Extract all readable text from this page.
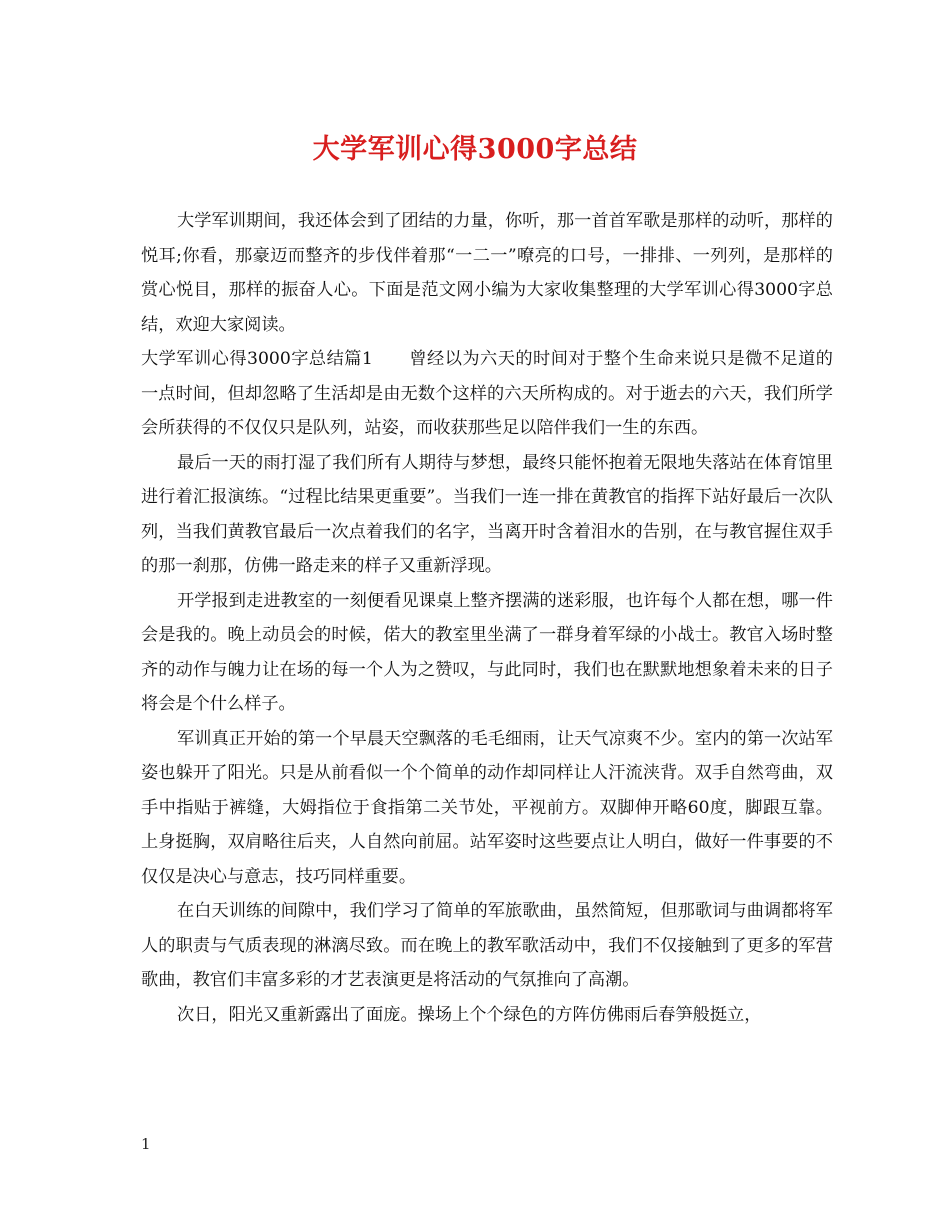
大学军训心得3000字总结

大学军训期间，我还体会到了团结的力量，你听，那一首首军歌是那样的动听，那样的悦耳;你看，那豪迈而整齐的步伐伴着那“一二一”嘹亮的口号，一排排、一列列，是那样的赏心悦目，那样的振奋人心。下面是范文网小编为大家收集整理的大学军训心得3000字总结，欢迎大家阅读。

大学军训心得3000字总结篇1 曾经以为六天的时间对于整个生命来说只是微不足道的一点时间，但却忽略了生活却是由无数个这样的六天所构成的。对于逝去的六天，我们所学会所获得的不仅仅只是队列，站姿，而收获那些足以陪伴我们一生的东西。

最后一天的雨打湿了我们所有人期待与梦想，最终只能怀抱着无限地失落站在体育馆里进行着汇报演练。“过程比结果更重要”。当我们一连一排在黄教官的指挥下站好最后一次队列，当我们黄教官最后一次点着我们的名字，当离开时含着泪水的告别，在与教官握住双手的那一刹那，仿佛一路走来的样子又重新浮现。

开学报到走进教室的一刻便看见课桌上整齐摆满的迷彩服，也许每个人都在想，哪一件会是我的。晚上动员会的时候，偌大的教室里坐满了一群身着军绿的小战士。教官入场时整齐的动作与魄力让在场的每一个人为之赞叹，与此同时，我们也在默默地想象着未来的日子将会是个什么样子。

军训真正开始的第一个早晨天空飘落的毛毛细雨，让天气凉爽不少。室内的第一次站军姿也躲开了阳光。只是从前看似一个个简单的动作却同样让人汗流浃背。双手自然弯曲，双手中指贴于裤缝，大姆指位于食指第二关节处，平视前方。双脚伸开略60度，脚跟互靠。上身挺胸，双肩略往后夹，人自然向前屈。站军姿时这些要点让人明白，做好一件事要的不仅仅是决心与意志，技巧同样重要。

在白天训练的间隙中，我们学习了简单的军旅歌曲，虽然简短，但那歌词与曲调都将军人的职责与气质表现的淋漓尽致。而在晚上的教军歌活动中，我们不仅接触到了更多的军营歌曲，教官们丰富多彩的才艺表演更是将活动的气氛推向了高潮。

次日，阳光又重新露出了面庞。操场上个个绿色的方阵仿佛雨后春笋般挺立，

1
